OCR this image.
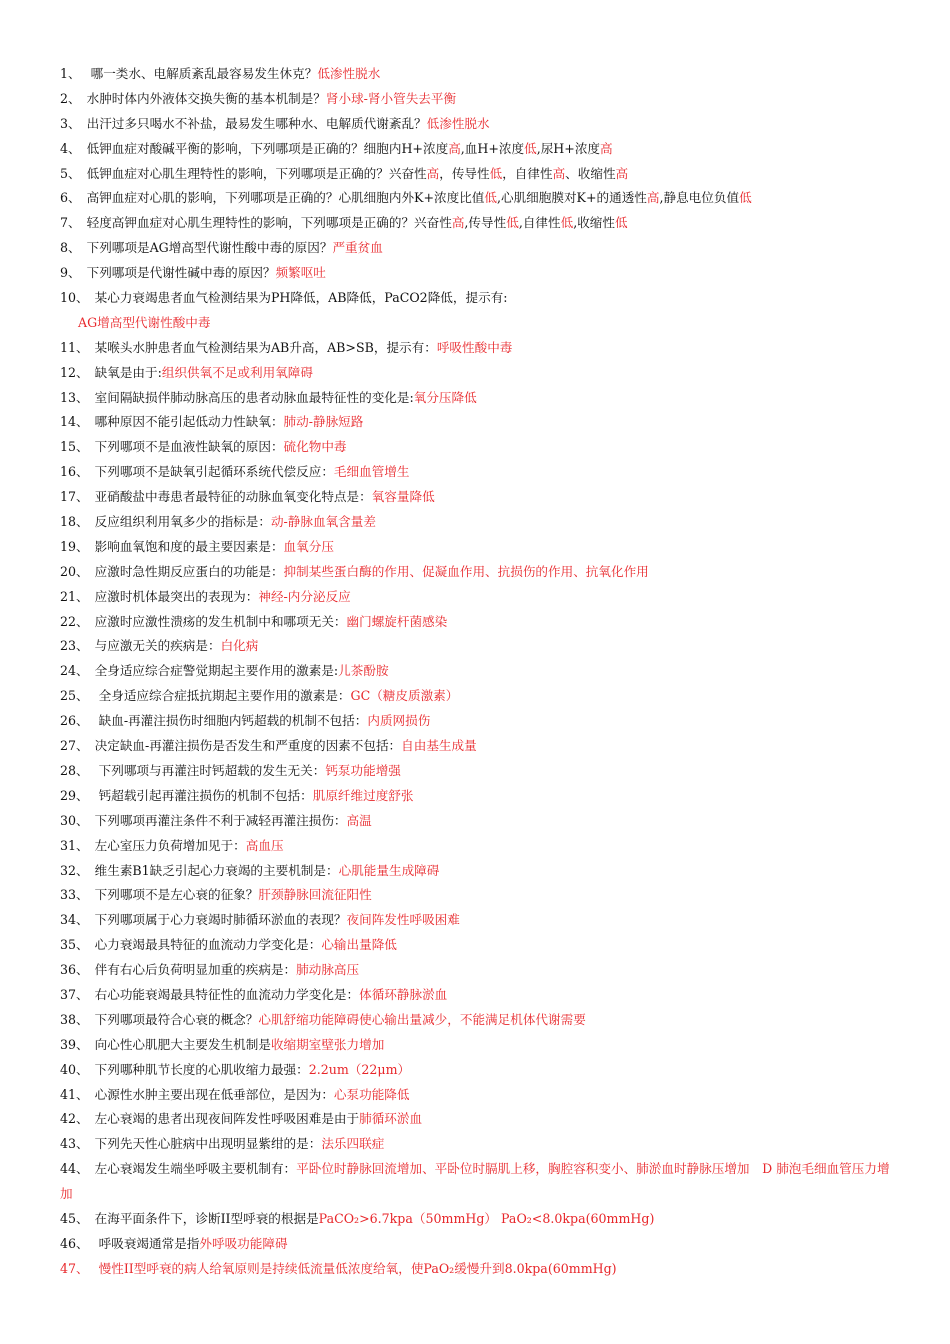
1、 哪一类水、电解质紊乱最容易发生休克？低渗性脱水
2、 水肿时体内外液体交换失衡的基本机制是？肾小球-肾小管失去平衡
3、 出汗过多只喝水不补盐，最易发生哪种水、电解质代谢紊乱？低渗性脱水
4、 低钾血症对酸碱平衡的影响，下列哪项是正确的？细胞内H+浓度高,血H+浓度低,尿H+浓度高
5、 低钾血症对心肌生理特性的影响，下列哪项是正确的？兴奋性高，传导性低，自律性高、收缩性高
6、 高钾血症对心肌的影响，下列哪项是正确的？心肌细胞内外K+浓度比值低,心肌细胞膜对K+的通透性高,静息电位负值低
7、 轻度高钾血症对心肌生理特性的影响，下列哪项是正确的？兴奋性高,传导性低,自律性低,收缩性低
8、 下列哪项是AG增高型代谢性酸中毒的原因？严重贫血
9、 下列哪项是代谢性碱中毒的原因？频繁呕吐
10、 某心力衰竭患者血气检测结果为PH降低，AB降低，PaCO2降低，提示有:
AG增高型代谢性酸中毒
11、 某喉头水肿患者血气检测结果为AB升高，AB>SB，提示有：呼吸性酸中毒
12、 缺氧是由于:组织供氧不足或利用氧障碍
13、 室间隔缺损伴肺动脉高压的患者动脉血最特征性的变化是:氧分压降低
14、 哪种原因不能引起低动力性缺氧：肺动-静脉短路
15、 下列哪项不是血液性缺氧的原因：硫化物中毒
16、 下列哪项不是缺氧引起循环系统代偿反应：毛细血管增生
17、 亚硝酸盐中毒患者最特征的动脉血氧变化特点是：氧容量降低
18、 反应组织利用氧多少的指标是：动-静脉血氧含量差
19、 影响血氧饱和度的最主要因素是：血氧分压
20、 应激时急性期反应蛋白的功能是：抑制某些蛋白酶的作用、促凝血作用、抗损伤的作用、抗氧化作用
21、 应激时机体最突出的表现为：神经-内分泌反应
22、 应激时应激性溃疡的发生机制中和哪项无关：幽门螺旋杆菌感染
23、 与应激无关的疾病是：白化病
24、 全身适应综合症警觉期起主要作用的激素是:儿茶酚胺
25、 全身适应综合症抵抗期起主要作用的激素是：GC（糖皮质激素）
26、 缺血-再灌注损伤时细胞内钙超载的机制不包括：内质网损伤
27、 决定缺血-再灌注损伤是否发生和严重度的因素不包括：自由基生成量
28、 下列哪项与再灌注时钙超载的发生无关：钙泵功能增强
29、 钙超载引起再灌注损伤的机制不包括：肌原纤维过度舒张
30、 下列哪项再灌注条件不利于减轻再灌注损伤：高温
31、 左心室压力负荷增加见于：高血压
32、 维生素B1缺乏引起心力衰竭的主要机制是：心肌能量生成障碍
33、 下列哪项不是左心衰的征象？肝颈静脉回流征阳性
34、 下列哪项属于心力衰竭时肺循环淤血的表现？夜间阵发性呼吸困难
35、 心力衰竭最具特征的血流动力学变化是：心输出量降低
36、 伴有右心后负荷明显加重的疾病是：肺动脉高压
37、 右心功能衰竭最具特征性的血流动力学变化是：体循环静脉淤血
38、 下列哪项最符合心衰的概念？心肌舒缩功能障碍使心输出量减少，不能满足机体代谢需要
39、 向心性心肌肥大主要发生机制是收缩期室壁张力增加
40、 下列哪种肌节长度的心肌收缩力最强：2.2um（22μm）
41、 心源性水肿主要出现在低垂部位，是因为：心泵功能降低
42、 左心衰竭的患者出现夜间阵发性呼吸困难是由于肺循环淤血
43、 下列先天性心脏病中出现明显紫绀的是：法乐四联症
44、 左心衰竭发生端坐呼吸主要机制有：平卧位时静脉回流增加、平卧位时膈肌上移，胸腔容积变小、肺淤血时静脉压增加　D 肺泡毛细血管压力增加
45、 在海平面条件下，诊断II型呼衰的根据是PaCO₂>6.7kpa（50mmHg） PaO₂<8.0kpa(60mmHg)
46、 呼吸衰竭通常是指外呼吸功能障碍
47、 慢性II型呼衰的病人给氧原则是持续低流量低浓度给氧，使PaO₂缓慢升到8.0kpa(60mmHg)
